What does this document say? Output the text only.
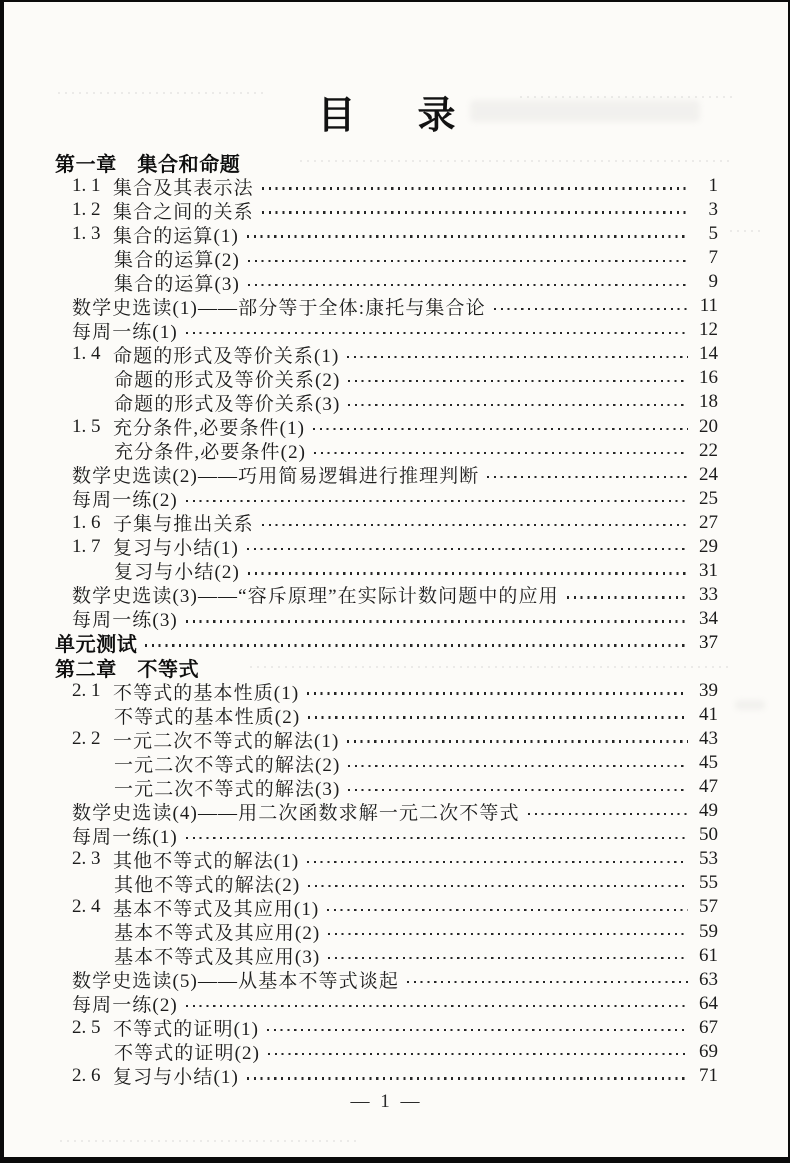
目　录
第一章　集合和命题
1. 1 集合及其表示法	1
1. 2 集合之间的关系	3
1. 3 集合的运算(1)	5
集合的运算(2)	7
集合的运算(3)	9
数学史选读(1)——部分等于全体:康托与集合论	11
每周一练(1)	12
1. 4 命题的形式及等价关系(1)	14
命题的形式及等价关系(2)	16
命题的形式及等价关系(3)	18
1. 5 充分条件,必要条件(1)	20
充分条件,必要条件(2)	22
数学史选读(2)——巧用简易逻辑进行推理判断	24
每周一练(2)	25
1. 6 子集与推出关系	27
1. 7 复习与小结(1)	29
复习与小结(2)	31
数学史选读(3)——“容斥原理”在实际计数问题中的应用	33
每周一练(3)	34
单元测试	37
第二章　不等式
2. 1 不等式的基本性质(1)	39
不等式的基本性质(2)	41
2. 2 一元二次不等式的解法(1)	43
一元二次不等式的解法(2)	45
一元二次不等式的解法(3)	47
数学史选读(4)——用二次函数求解一元二次不等式	49
每周一练(1)	50
2. 3 其他不等式的解法(1)	53
其他不等式的解法(2)	55
2. 4 基本不等式及其应用(1)	57
基本不等式及其应用(2)	59
基本不等式及其应用(3)	61
数学史选读(5)——从基本不等式谈起	63
每周一练(2)	64
2. 5 不等式的证明(1)	67
不等式的证明(2)	69
2. 6 复习与小结(1)	71
— 1 —
